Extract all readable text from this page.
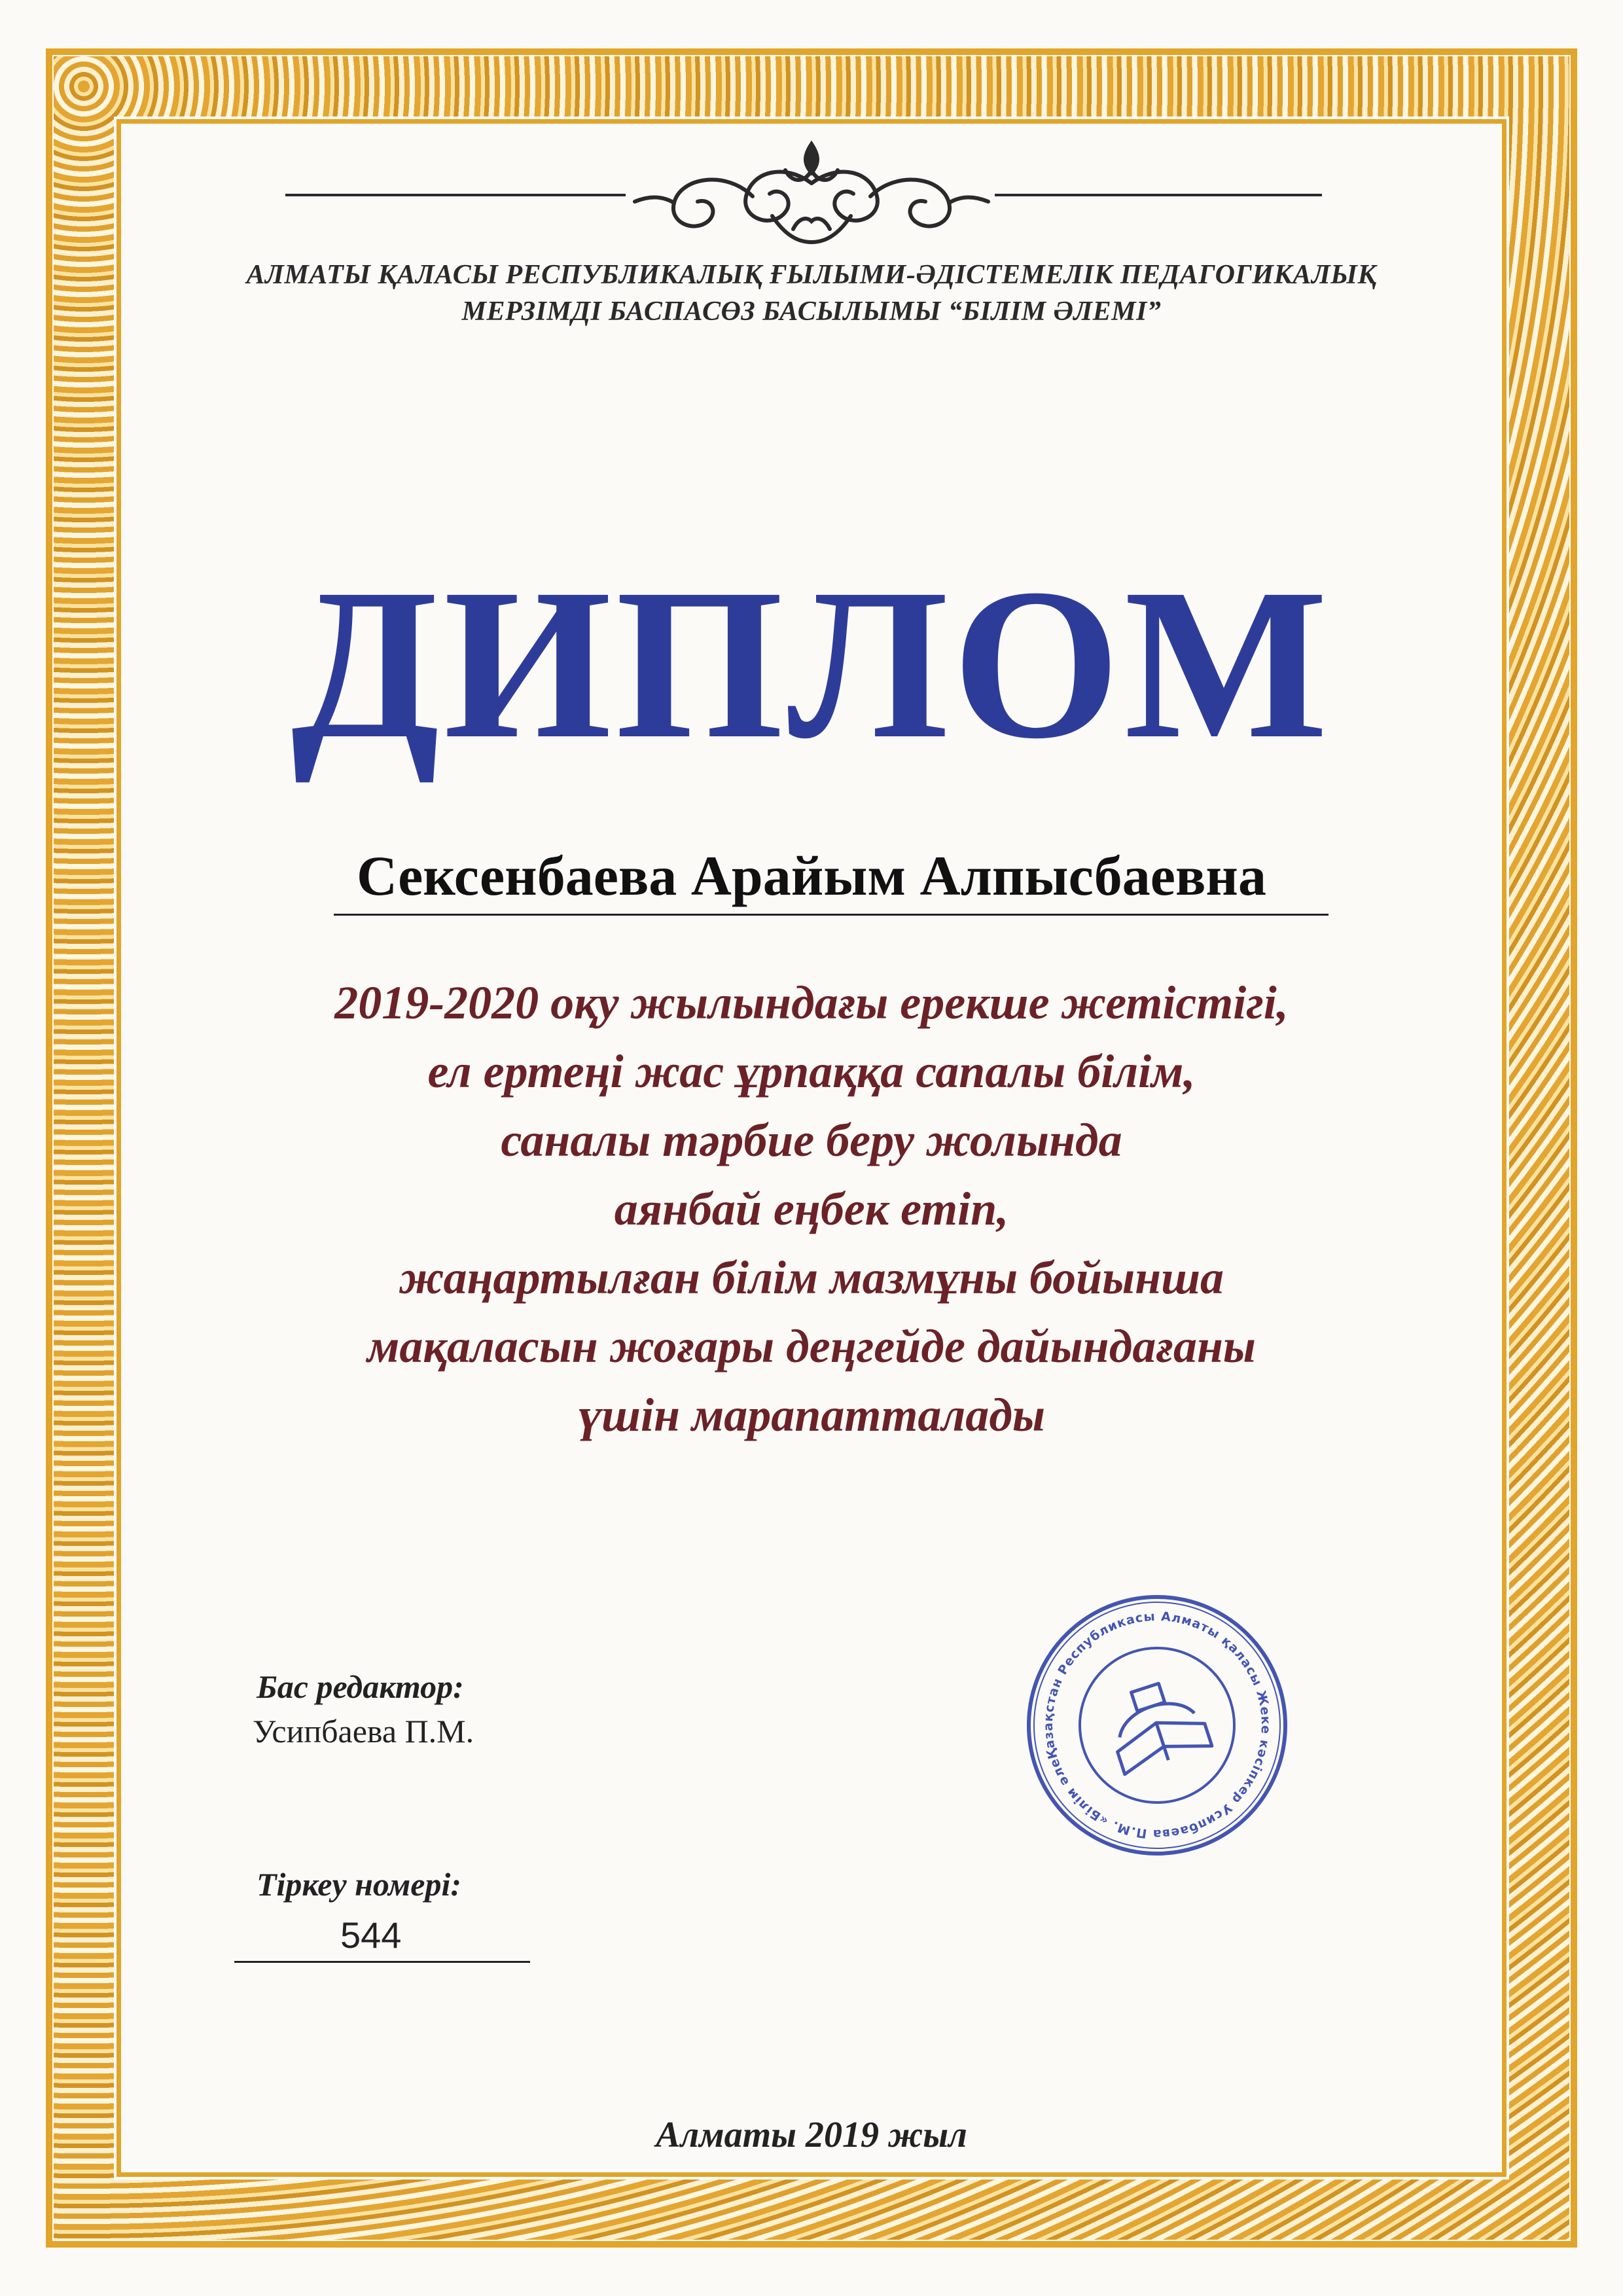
АЛМАТЫ ҚАЛАСЫ РЕСПУБЛИКАЛЫҚ ҒЫЛЫМИ-ӘДІСТЕМЕЛІК ПЕДАГОГИКАЛЫҚ
МЕРЗІМДІ БАСПАСӨЗ БАСЫЛЫМЫ “БІЛІМ ӘЛЕМІ”
ДИПЛОМ
Сексенбаева Арайым Алпысбаевна
2019-2020 оқу жылындағы ерекше жетістігі,
ел ертеңі жас ұрпаққа сапалы білім,
саналы тәрбие беру жолында
аянбай еңбек етіп,
жаңартылған білім мазмұны бойынша
мақаласын жоғары деңгейде дайындағаны
үшін марапатталады
Бас редактор:
Усипбаева П.М.
Тіркеу номері:
544
Қазақстан Республикасы Алматы қаласы Жеке кәсіпкер Усипбаева П.М. «Білім әлемі»
Алматы 2019 жыл
